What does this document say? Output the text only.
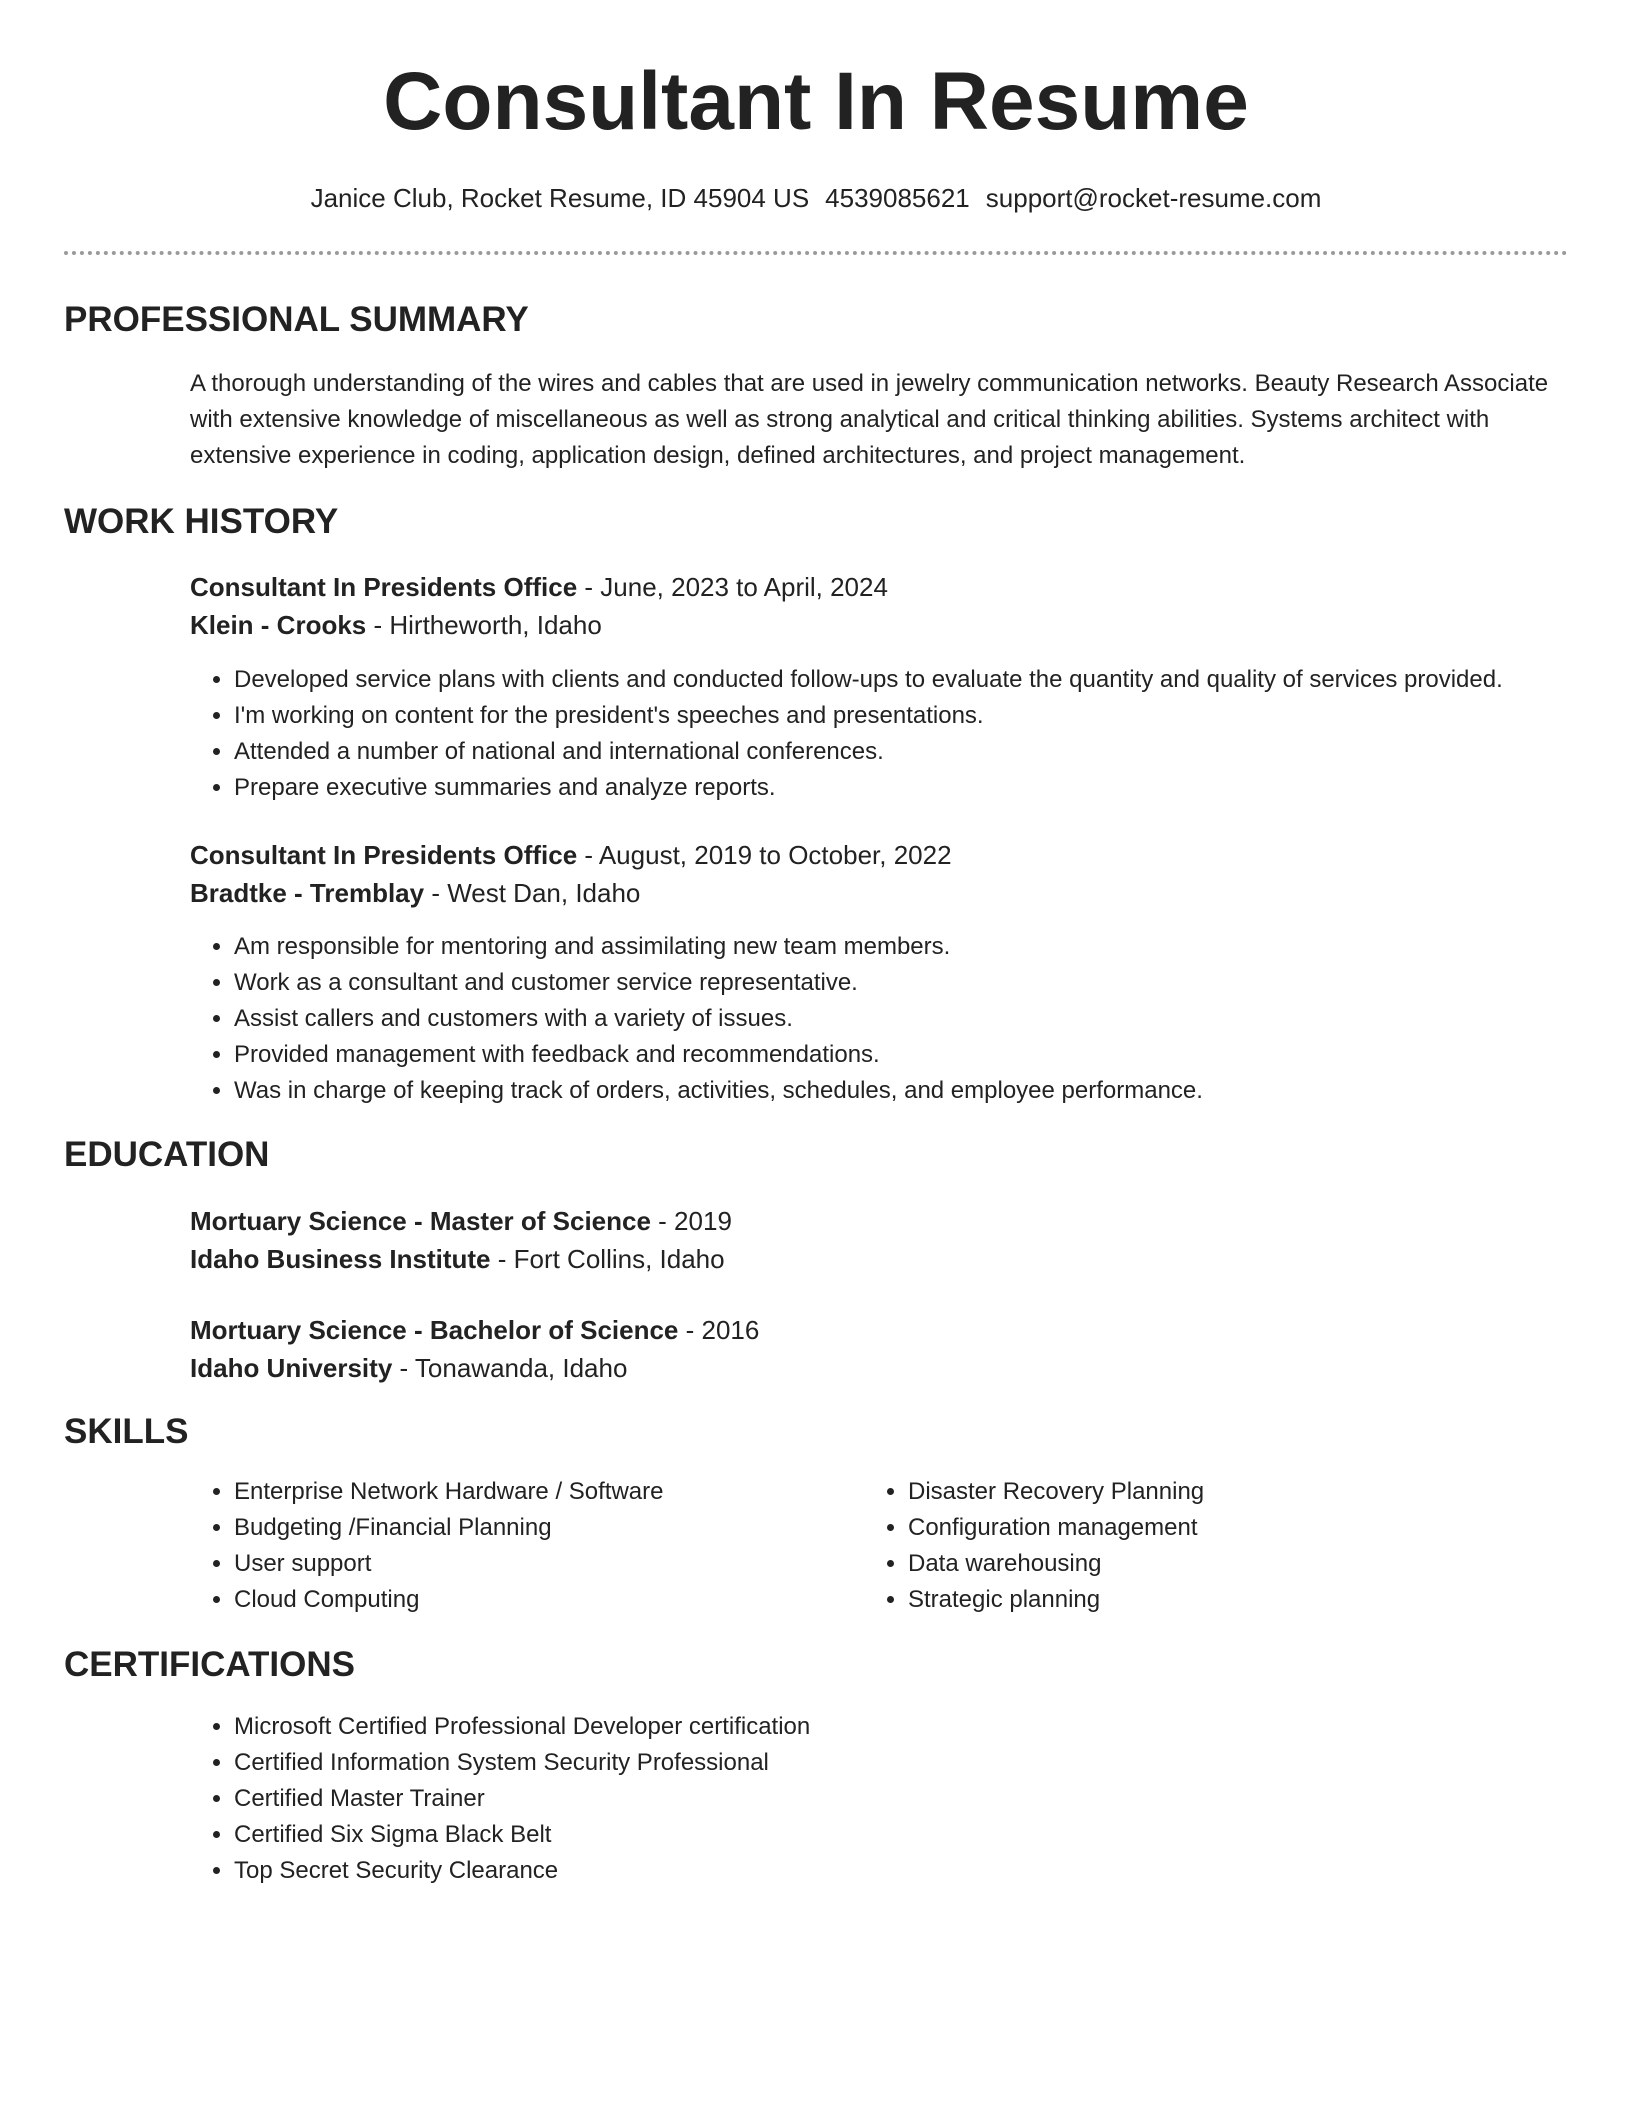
Consultant In Resume
Janice Club, Rocket Resume, ID 45904 US 4539085621 support@rocket-resume.com
PROFESSIONAL SUMMARY

A thorough understanding of the wires and cables that are used in jewelry communication networks. Beauty Research Associate with extensive knowledge of miscellaneous as well as strong analytical and critical thinking abilities. Systems architect with extensive experience in coding, application design, defined architectures, and project management.

WORK HISTORY
Consultant In Presidents Office - June, 2023 to April, 2024
Klein - Crooks - Hirtheworth, Idaho
• Developed service plans with clients and conducted follow-ups to evaluate the quantity and quality of services provided.
• I'm working on content for the president's speeches and presentations.
• Attended a number of national and international conferences.
• Prepare executive summaries and analyze reports.
Consultant In Presidents Office - August, 2019 to October, 2022
Bradtke - Tremblay - West Dan, Idaho
• Am responsible for mentoring and assimilating new team members.
• Work as a consultant and customer service representative.
• Assist callers and customers with a variety of issues.
• Provided management with feedback and recommendations.
• Was in charge of keeping track of orders, activities, schedules, and employee performance.
EDUCATION
Mortuary Science - Master of Science - 2019
Idaho Business Institute - Fort Collins, Idaho
Mortuary Science - Bachelor of Science - 2016
Idaho University - Tonawanda, Idaho
SKILLS
• Enterprise Network Hardware / Software
• Budgeting /Financial Planning
• User support
• Cloud Computing
• Disaster Recovery Planning
• Configuration management
• Data warehousing
• Strategic planning
CERTIFICATIONS
• Microsoft Certified Professional Developer certification
• Certified Information System Security Professional
• Certified Master Trainer
• Certified Six Sigma Black Belt
• Top Secret Security Clearance
